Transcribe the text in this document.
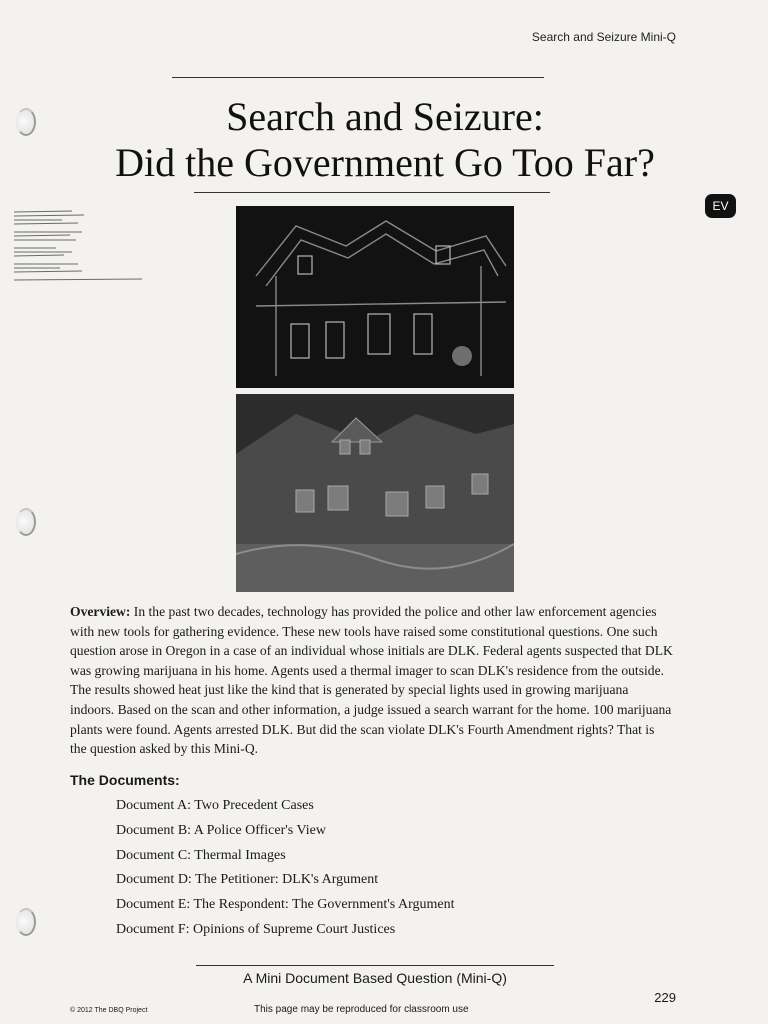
Search and Seizure Mini-Q
Search and Seizure:
Did the Government Go Too Far?
EV

Overview: In the past two decades, technology has provided the police and other law enforcement agencies with new tools for gathering evidence. These new tools have raised some constitutional questions. One such question arose in Oregon in a case of an individual whose initials are DLK. Federal agents suspected that DLK was growing marijuana in his home. Agents used a thermal imager to scan DLK's residence from the outside. The results showed heat just like the kind that is generated by special lights used in growing marijuana indoors. Based on the scan and other information, a judge issued a search warrant for the home. 100 marijuana plants were found. Agents arrested DLK. But did the scan violate DLK's Fourth Amendment rights? That is the question asked by this Mini-Q.

The Documents:
Document A: Two Precedent Cases
Document B: A Police Officer's View
Document C: Thermal Images
Document D: The Petitioner: DLK's Argument
Document E: The Respondent: The Government's Argument
Document F: Opinions of Supreme Court Justices
A Mini Document Based Question (Mini-Q)
229
© 2012 The DBQ Project	This page may be reproduced for classroom use
